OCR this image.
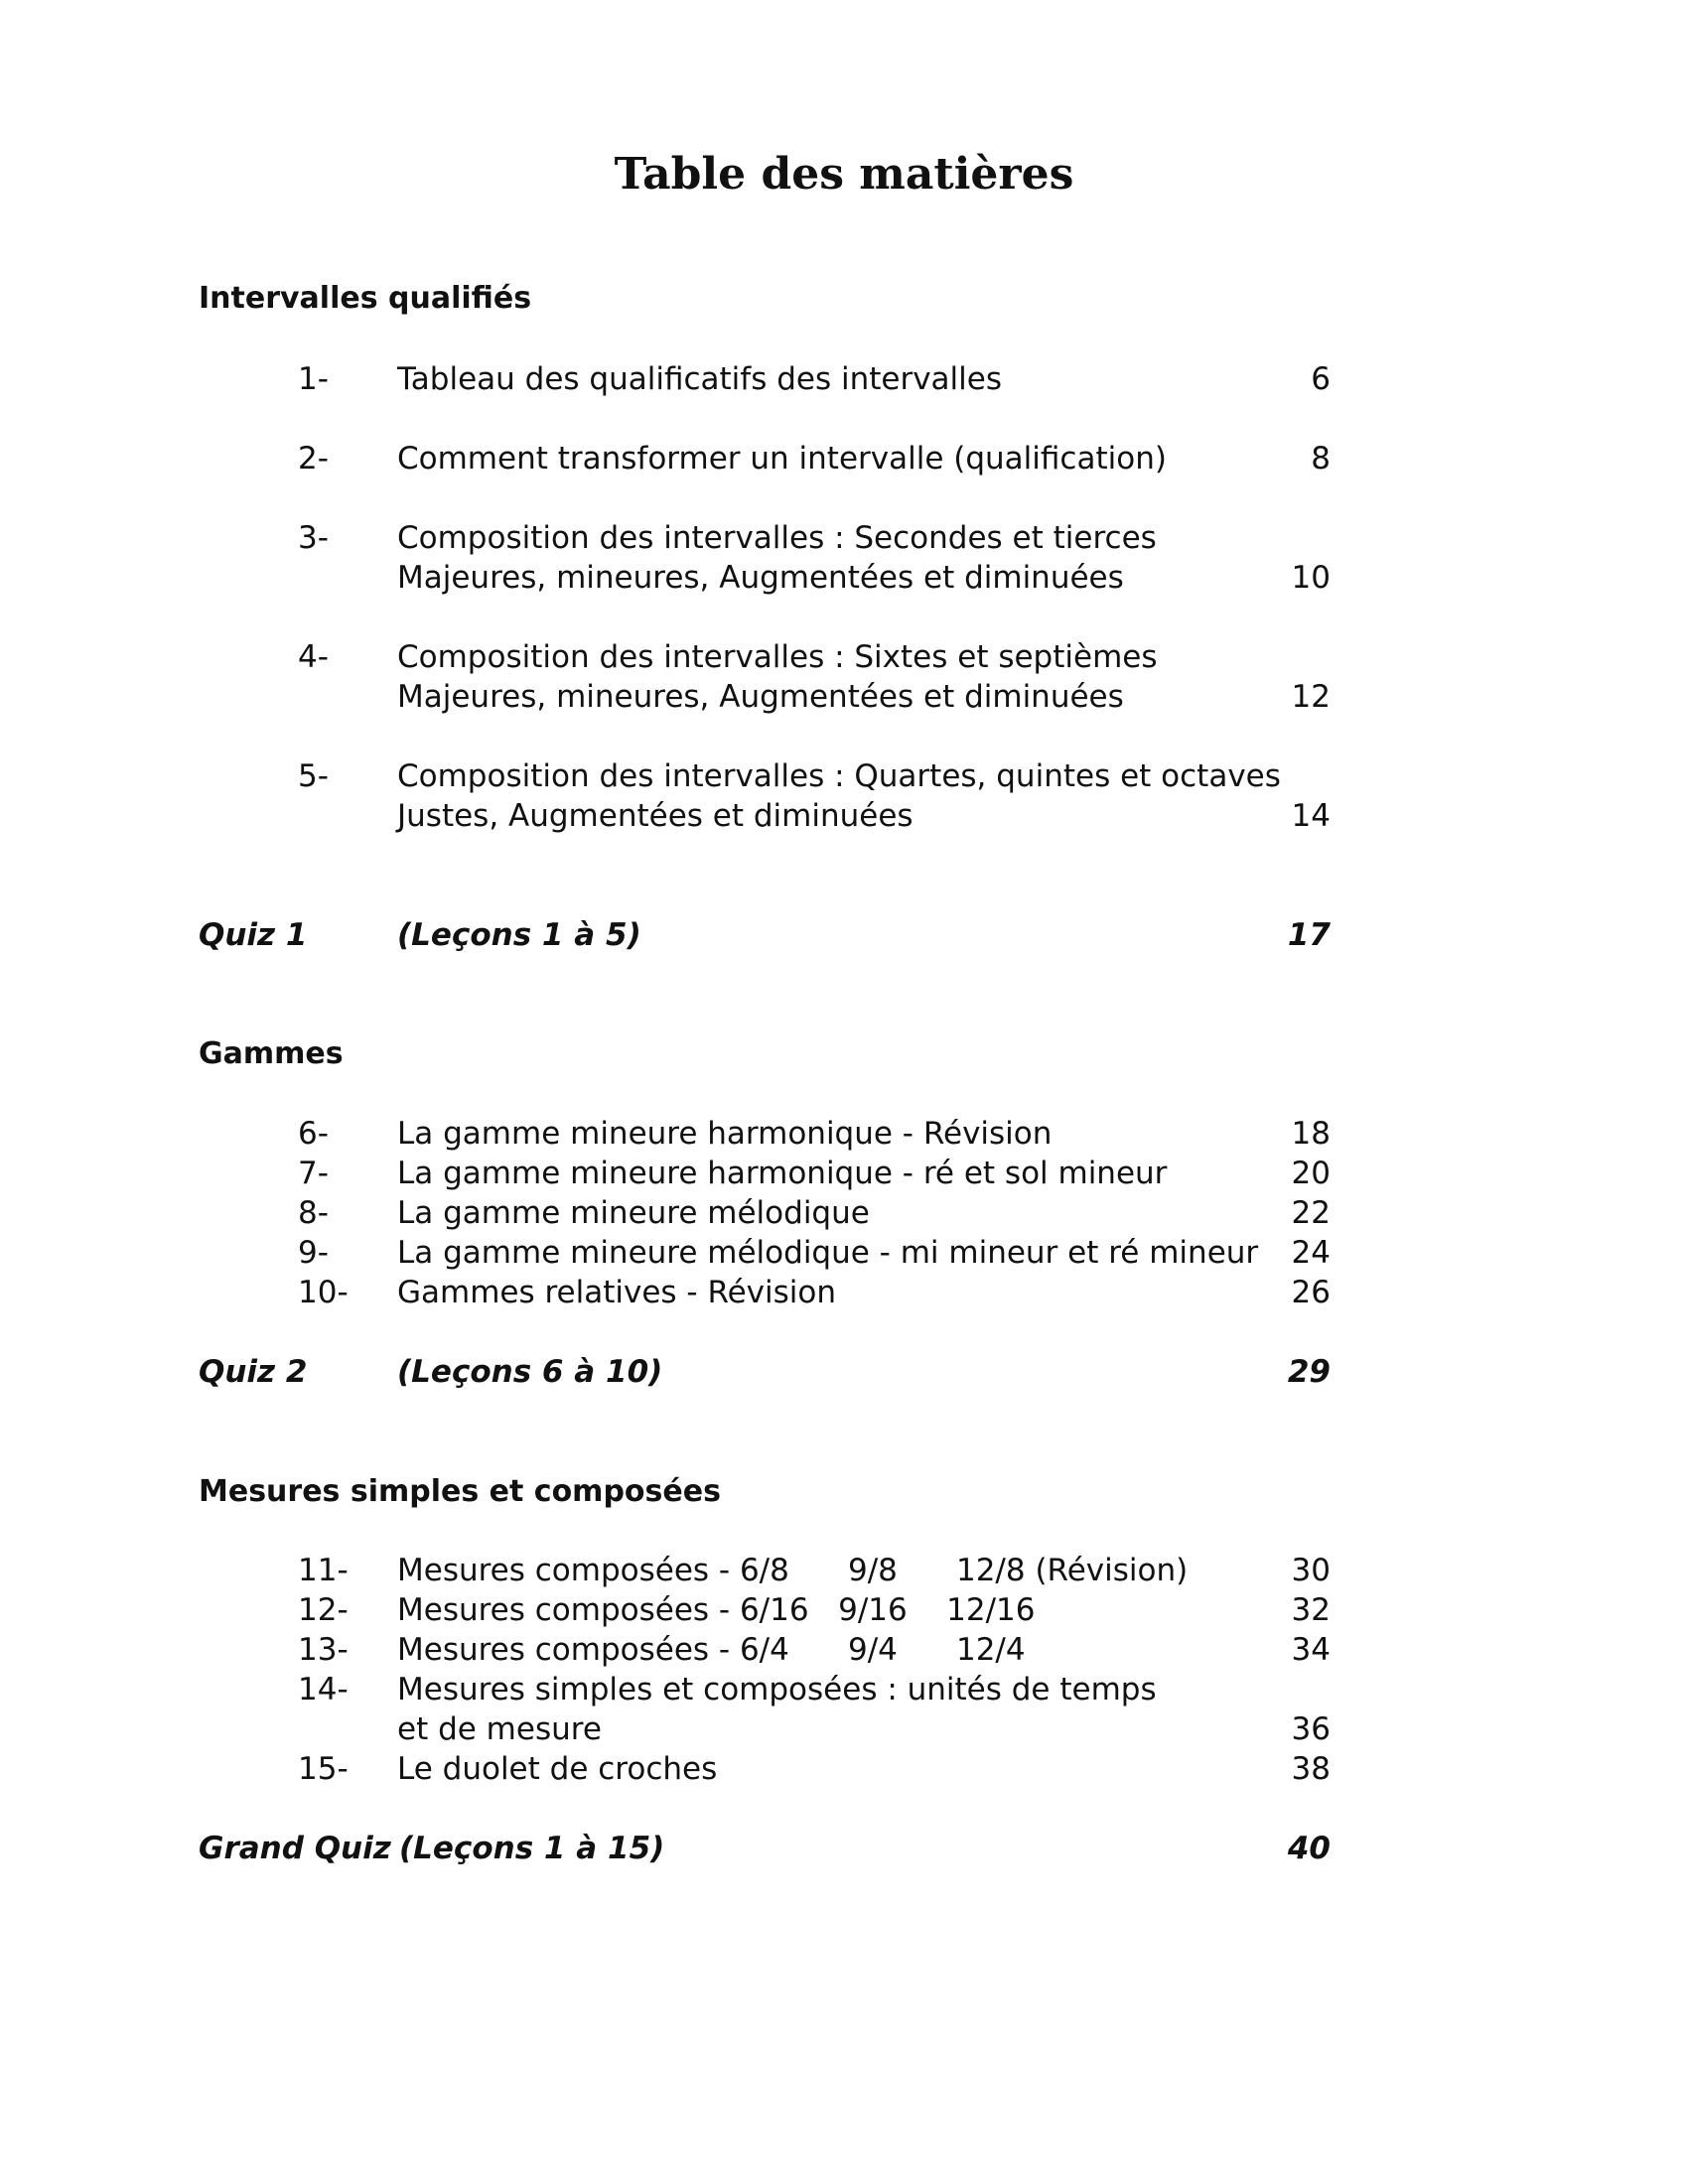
Table des matières
Intervalles qualifiés
1- Tableau des qualificatifs des intervalles	6
2- Comment transformer un intervalle (qualification)	8
3- Composition des intervalles : Secondes et tierces
Majeures, mineures, Augmentées et diminuées	10
4- Composition des intervalles : Sixtes et septièmes
Majeures, mineures, Augmentées et diminuées	12
5- Composition des intervalles : Quartes, quintes et octaves
Justes, Augmentées et diminuées	14
Quiz 1	(Leçons 1 à 5)	17
Gammes
6- La gamme mineure harmonique - Révision	18
7- La gamme mineure harmonique - ré et sol mineur	20
8- La gamme mineure mélodique	22
9- La gamme mineure mélodique - mi mineur et ré mineur 24
10- Gammes relatives - Révision	26
Quiz 2	(Leçons 6 à 10)	29
Mesures simples et composées
11- Mesures composées - 6/8      9/8      12/8 (Révision)	30
12- Mesures composées - 6/16   9/16    12/16	32
13- Mesures composées - 6/4      9/4      12/4	34
14- Mesures simples et composées : unités de temps
et de mesure	36
15- Le duolet de croches	38
Grand Quiz (Leçons 1 à 15)	40
